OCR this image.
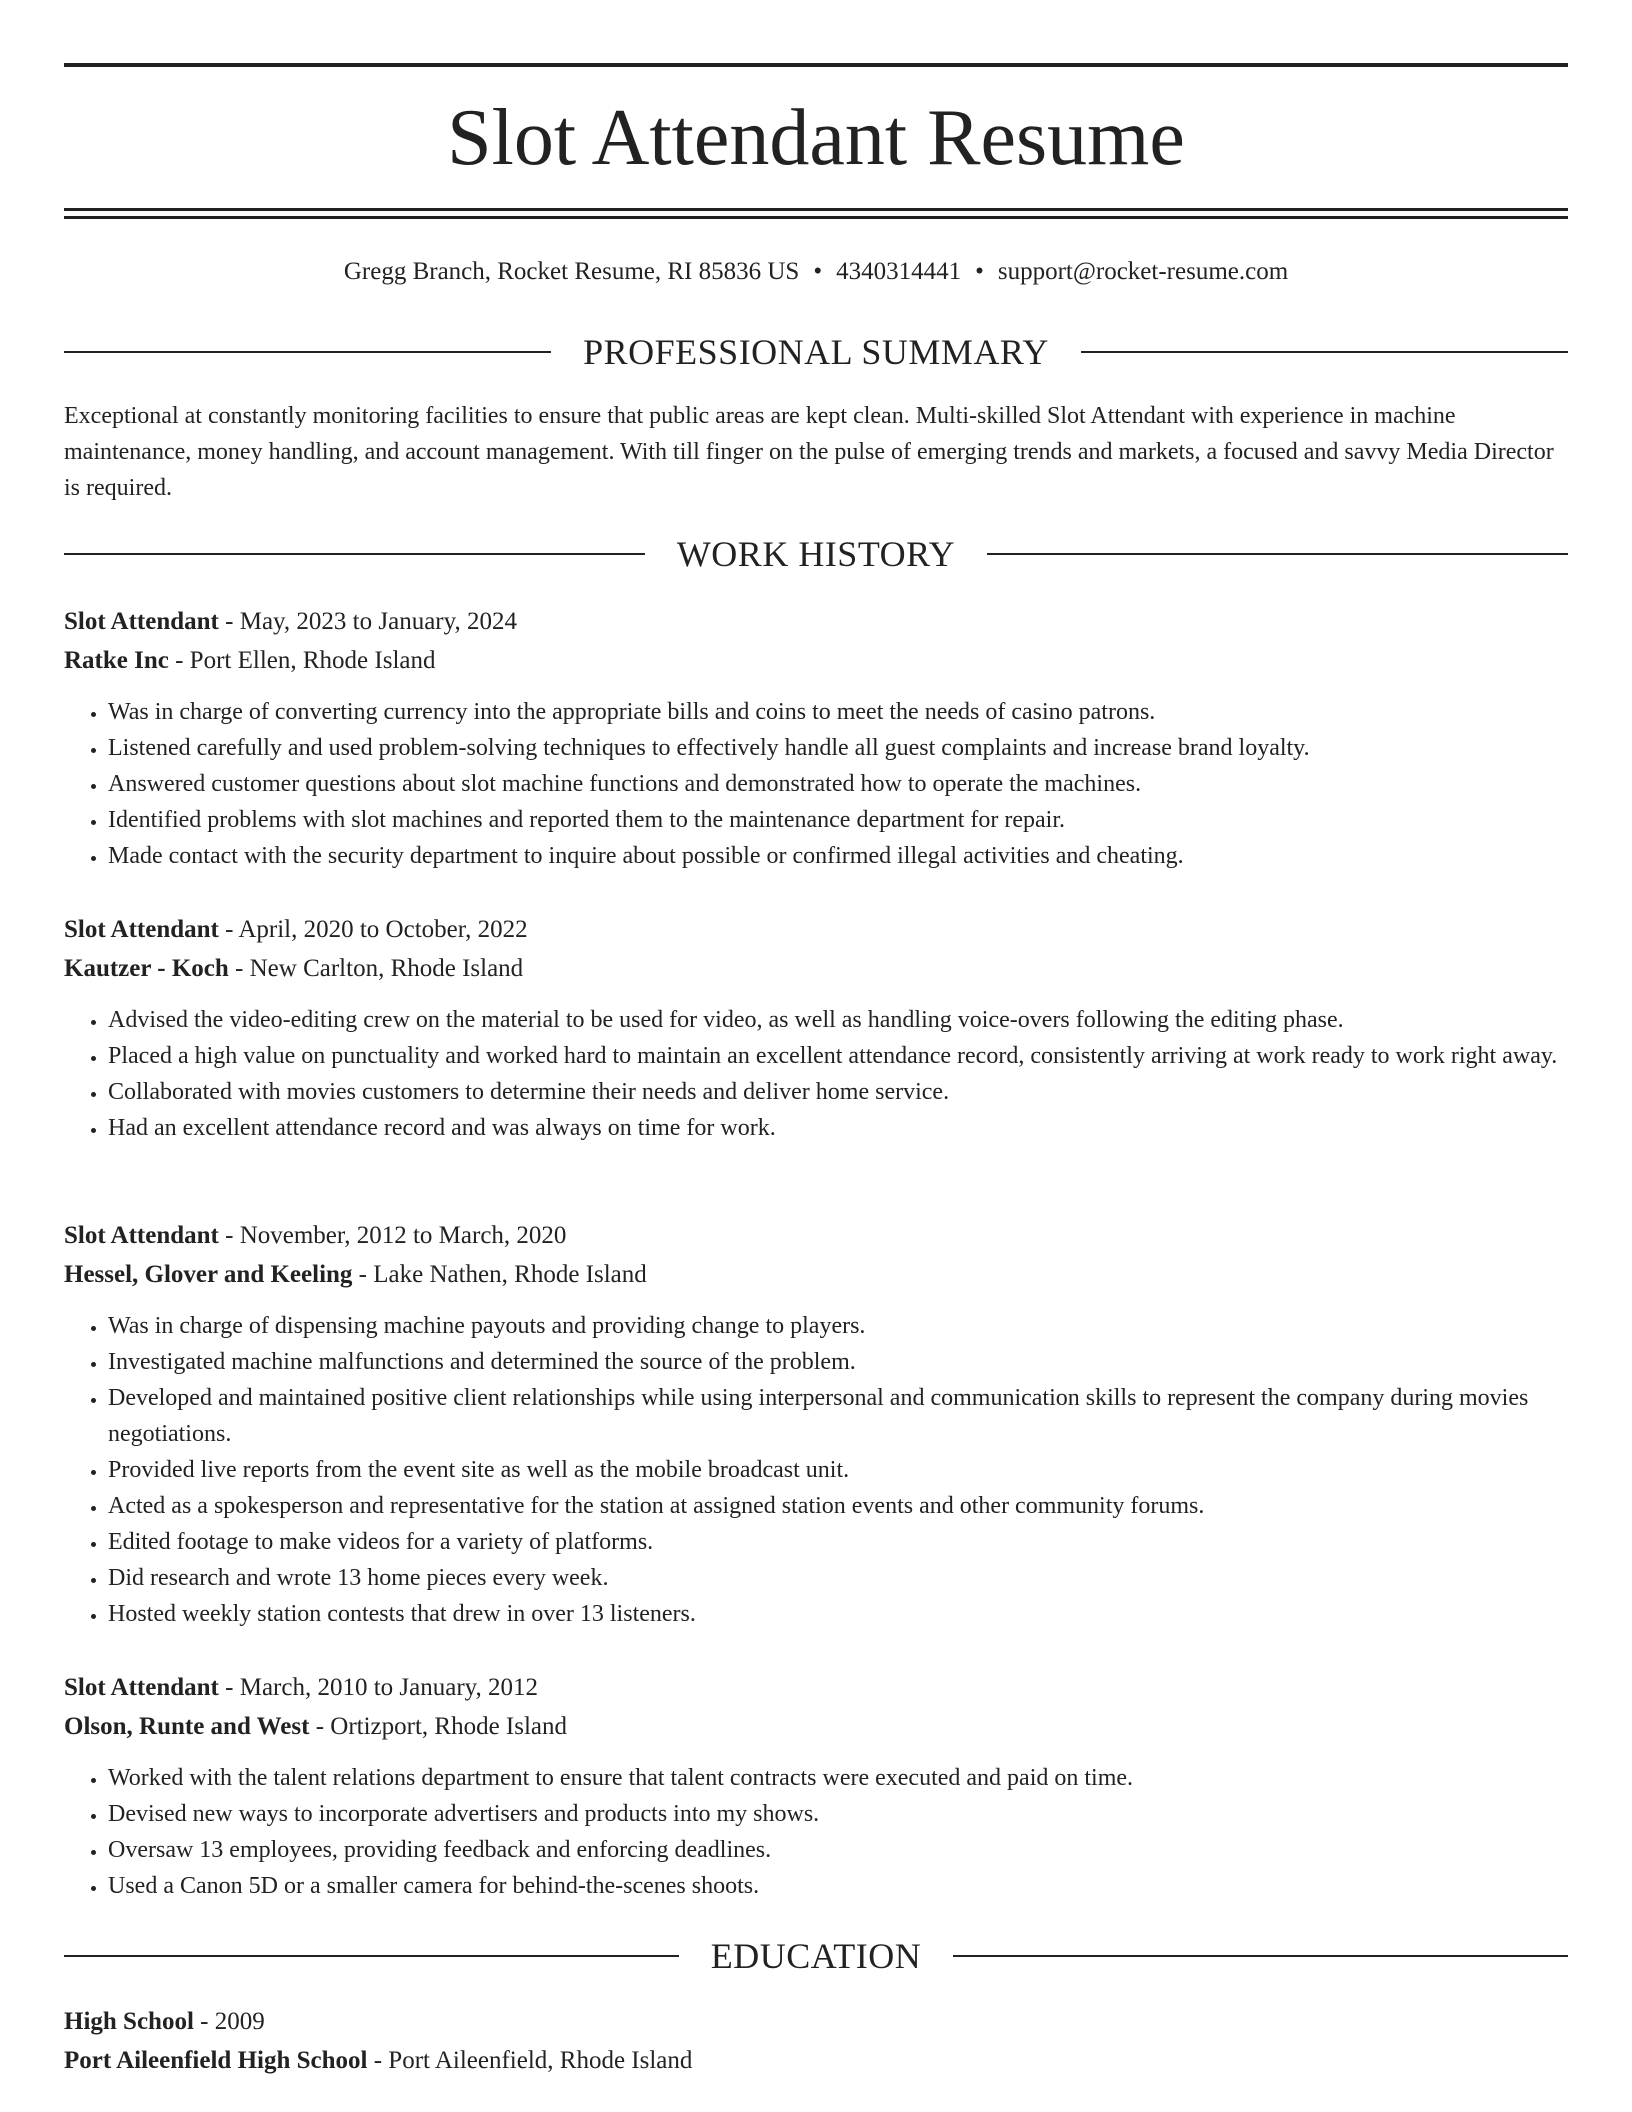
Slot Attendant Resume
Gregg Branch, Rocket Resume, RI 85836 US • 4340314441 • support@rocket-resume.com
PROFESSIONAL SUMMARY

Exceptional at constantly monitoring facilities to ensure that public areas are kept clean. Multi-skilled Slot Attendant with experience in machine maintenance, money handling, and account management. With till finger on the pulse of emerging trends and markets, a focused and savvy Media Director is required.

WORK HISTORY
Slot Attendant - May, 2023 to January, 2024
Ratke Inc - Port Ellen, Rhode Island
• Was in charge of converting currency into the appropriate bills and coins to meet the needs of casino patrons.
• Listened carefully and used problem-solving techniques to effectively handle all guest complaints and increase brand loyalty.
• Answered customer questions about slot machine functions and demonstrated how to operate the machines.
• Identified problems with slot machines and reported them to the maintenance department for repair.
• Made contact with the security department to inquire about possible or confirmed illegal activities and cheating.
Slot Attendant - April, 2020 to October, 2022
Kautzer - Koch - New Carlton, Rhode Island
• Advised the video-editing crew on the material to be used for video, as well as handling voice-overs following the editing phase.
• Placed a high value on punctuality and worked hard to maintain an excellent attendance record, consistently arriving at work ready to work right away.
• Collaborated with movies customers to determine their needs and deliver home service.
• Had an excellent attendance record and was always on time for work.
Slot Attendant - November, 2012 to March, 2020
Hessel, Glover and Keeling - Lake Nathen, Rhode Island
• Was in charge of dispensing machine payouts and providing change to players.
• Investigated machine malfunctions and determined the source of the problem.
• Developed and maintained positive client relationships while using interpersonal and communication skills to represent the company during movies negotiations.
• Provided live reports from the event site as well as the mobile broadcast unit.
• Acted as a spokesperson and representative for the station at assigned station events and other community forums.
• Edited footage to make videos for a variety of platforms.
• Did research and wrote 13 home pieces every week.
• Hosted weekly station contests that drew in over 13 listeners.
Slot Attendant - March, 2010 to January, 2012
Olson, Runte and West - Ortizport, Rhode Island
• Worked with the talent relations department to ensure that talent contracts were executed and paid on time.
• Devised new ways to incorporate advertisers and products into my shows.
• Oversaw 13 employees, providing feedback and enforcing deadlines.
• Used a Canon 5D or a smaller camera for behind-the-scenes shoots.
EDUCATION
High School - 2009
Port Aileenfield High School - Port Aileenfield, Rhode Island
